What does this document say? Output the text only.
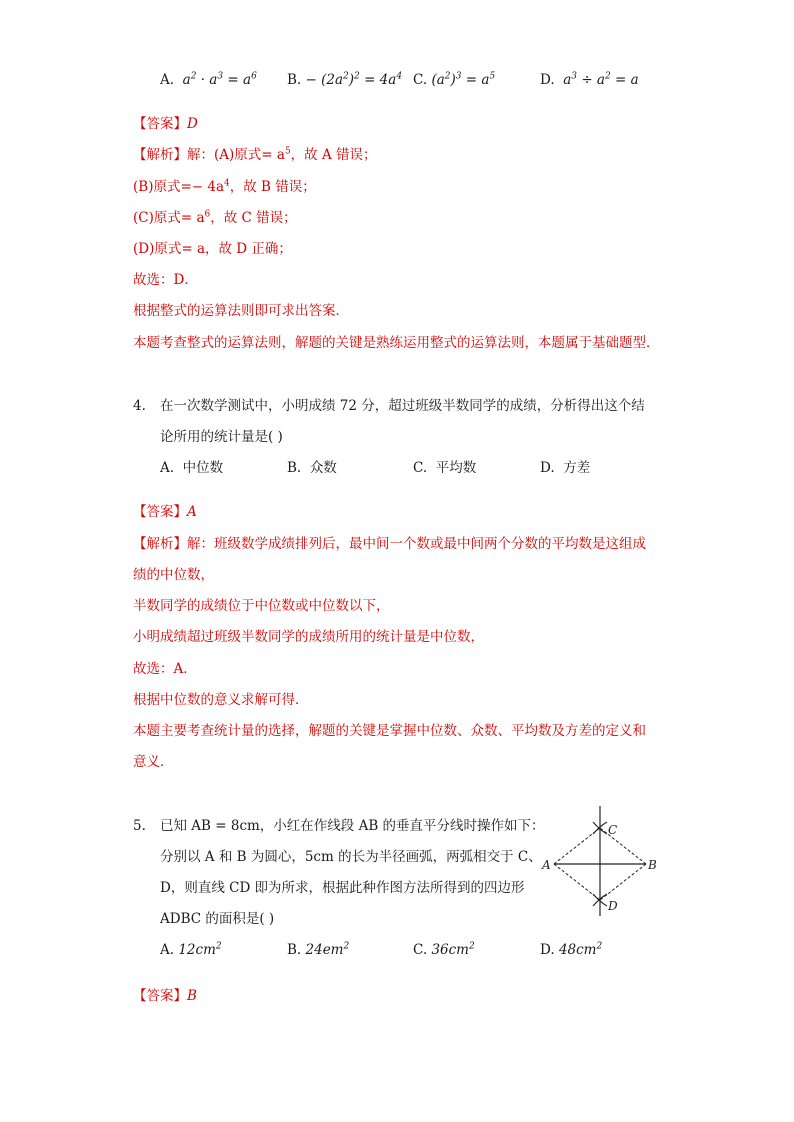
A. $a^2 \cdot a^3 = a^6$ B. − $(2a^2)^2 = 4a^4$ C. $(a^2)^3 = a^5$	D. $a^3 \div a^2 = a$
【答案】D
【解析】解：(A)原式= $a^5$，故 A 错误；
(B)原式=− $4a^4$，故 B 错误；
(C)原式= $a^6$，故 C 错误；
(D)原式= a，故 D 正确；
故选：D．
根据整式的运算法则即可求出答案．
本题考查整式的运算法则，解题的关键是熟练运用整式的运算法则，本题属于基础题型．
4. 在一次数学测试中，小明成绩 72 分，超过班级半数同学的成绩，分析得出这个结
论所用的统计量是( )
A. 中位数	B. 众数	C. 平均数	D. 方差
【答案】A
【解析】解：班级数学成绩排列后，最中间一个数或最中间两个分数的平均数是这组成
绩的中位数，
半数同学的成绩位于中位数或中位数以下，
小明成绩超过班级半数同学的成绩所用的统计量是中位数，
故选：A．
根据中位数的意义求解可得．
本题主要考查统计量的选择，解题的关键是掌握中位数、众数、平均数及方差的定义和
意义．
5. 已知 AB = 8cm，小红在作线段 AB 的垂直平分线时操作如下：
分别以 A 和 B 为圆心，5cm 的长为半径画弧，两弧相交于 C、
D，则直线 CD 即为所求，根据此种作图方法所得到的四边形
ADBC 的面积是( )
C
A	B
D
A. $12cm^2$	B. $24em^2$	C. $36cm^2$	D. $48cm^2$
【答案】B
